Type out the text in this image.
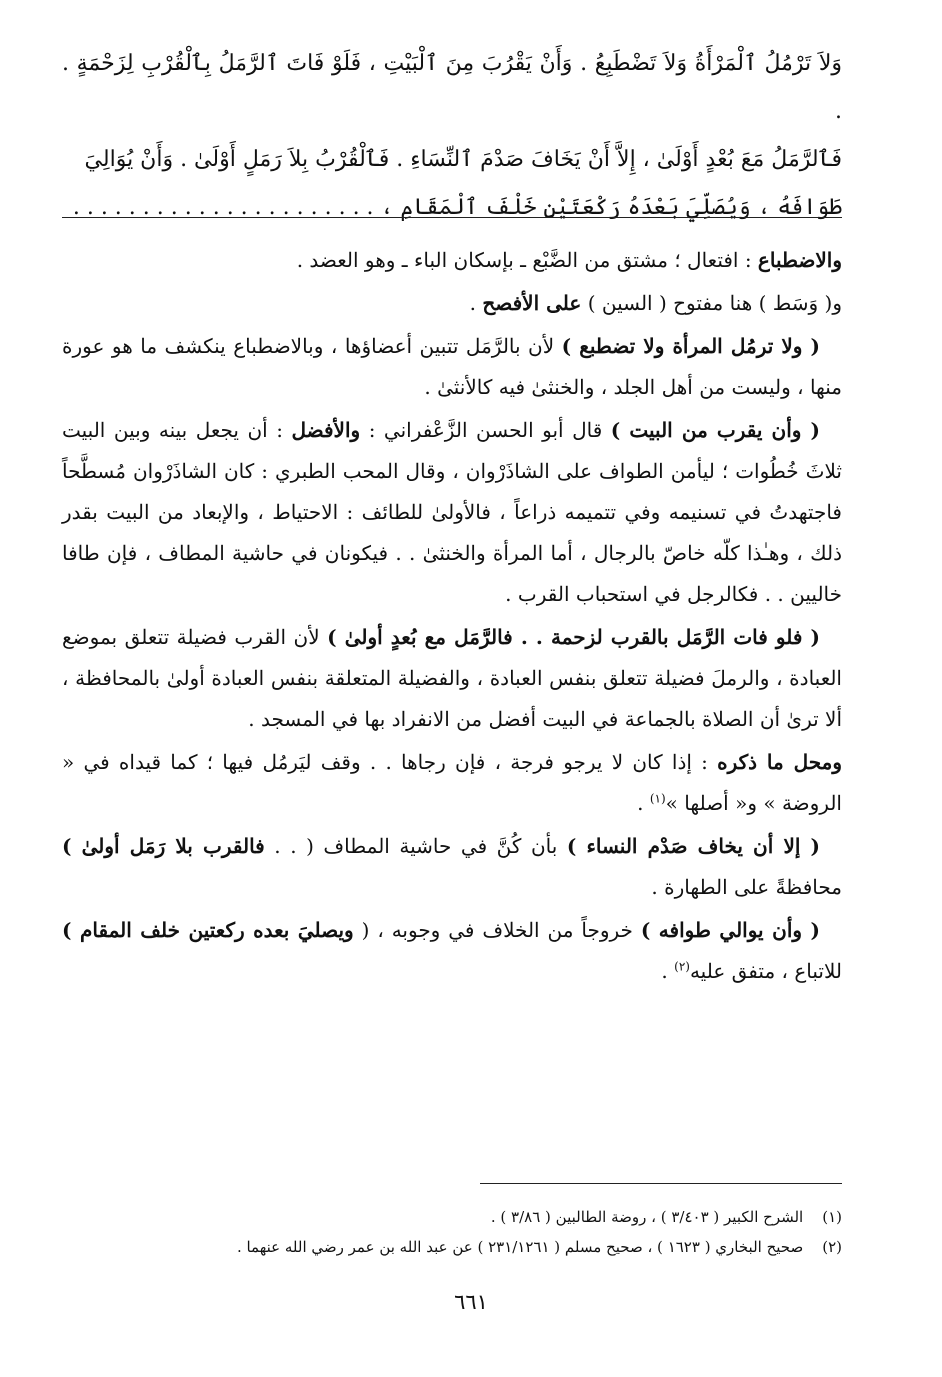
وَلاَ تَرْمُلُ ٱلْمَرْأَةُ وَلاَ تَضْطَبِعُ . وَأَنْ يَقْرُبَ مِنَ ٱلْبَيْتِ ، فَلَوْ فَاتَ ٱلرَّمَلُ بِٱلْقُرْبِ لِزَحْمَةٍ . .

فَٱلرَّمَلُ مَعَ بُعْدٍ أَوْلَىٰ ، إِلاَّ أَنْ يَخَافَ صَدْمَ ٱلنِّسَاءِ . فَٱلْقُرْبُ بِلاَ رَمَلٍ أَوْلَىٰ . وَأَنْ يُوَالِيَ

طَوَافَهُ ، وَيُصَلِّيَ بَعْدَهُ رَكْعَتَيْنِ خَلْفَ ٱلْمَقَامِ ، . . . . . . . . . . . . . . . . . . . . . .

والاضطباع : افتعال ؛ مشتق من الضَّبْع ـ بإسكان الباء ـ وهو العضد .

و( وَسَط ) هنا مفتوح ( السين ) على الأفصح .

( ولا ترمُل المرأة ولا تضطبع ) لأن بالرَّمَل تتبين أعضاؤها ، وبالاضطباع ينكشف ما هو عورة منها ، وليست من أهل الجلد ، والخنثىٰ فيه كالأنثىٰ .

( وأن يقرب من البيت ) قال أبو الحسن الزَّعْفراني : والأفضل : أن يجعل بينه وبين البيت ثلاثَ خُطُوات ؛ ليأمن الطواف على الشاذَرْوان ، وقال المحب الطبري : كان الشاذَرْوان مُسطَّحاً فاجتهدتُ في تسنيمه وفي تتميمه ذراعاً ، فالأولىٰ للطائف : الاحتياط ، والإبعاد من البيت بقدر ذلك ، وهـٰذا كلّه خاصّ بالرجال ، أما المرأة والخنثىٰ . . فيكونان في حاشية المطاف ، فإن طافا خاليين . . فكالرجل في استحباب القرب .

( فلو فات الرَّمَل بالقرب لزحمة . . فالرَّمَل مع بُعدٍ أولىٰ ) لأن القرب فضيلة تتعلق بموضع العبادة ، والرملَ فضيلة تتعلق بنفس العبادة ، والفضيلة المتعلقة بنفس العبادة أولىٰ بالمحافظة ، ألا ترىٰ أن الصلاة بالجماعة في البيت أفضل من الانفراد بها في المسجد .

ومحل ما ذكره : إذا كان لا يرجو فرجة ، فإن رجاها . . وقف ليَرمُل فيها ؛ كما قيداه في « الروضة » و« أصلها »$^{(١)}$ .

( إلا أن يخاف صَدْم النساء ) بأن كُنَّ في حاشية المطاف ( . . فالقرب بلا رَمَل أولىٰ ) محافظةً على الطهارة .

( وأن يوالي طوافه ) خروجاً من الخلاف في وجوبه ، ( ويصليَ بعده ركعتين خلف المقام ) للاتباع ، متفق عليه$^{(٢)}$ .

(١) الشرح الكبير ( ٣/٤٠٣ ) ، روضة الطالبين ( ٣/٨٦ ) .
(٢) صحيح البخاري ( ١٦٢٣ ) ، صحيح مسلم ( ٢٣١/١٢٦١ ) عن عبد الله بن عمر رضي الله عنهما .
٦٦١
